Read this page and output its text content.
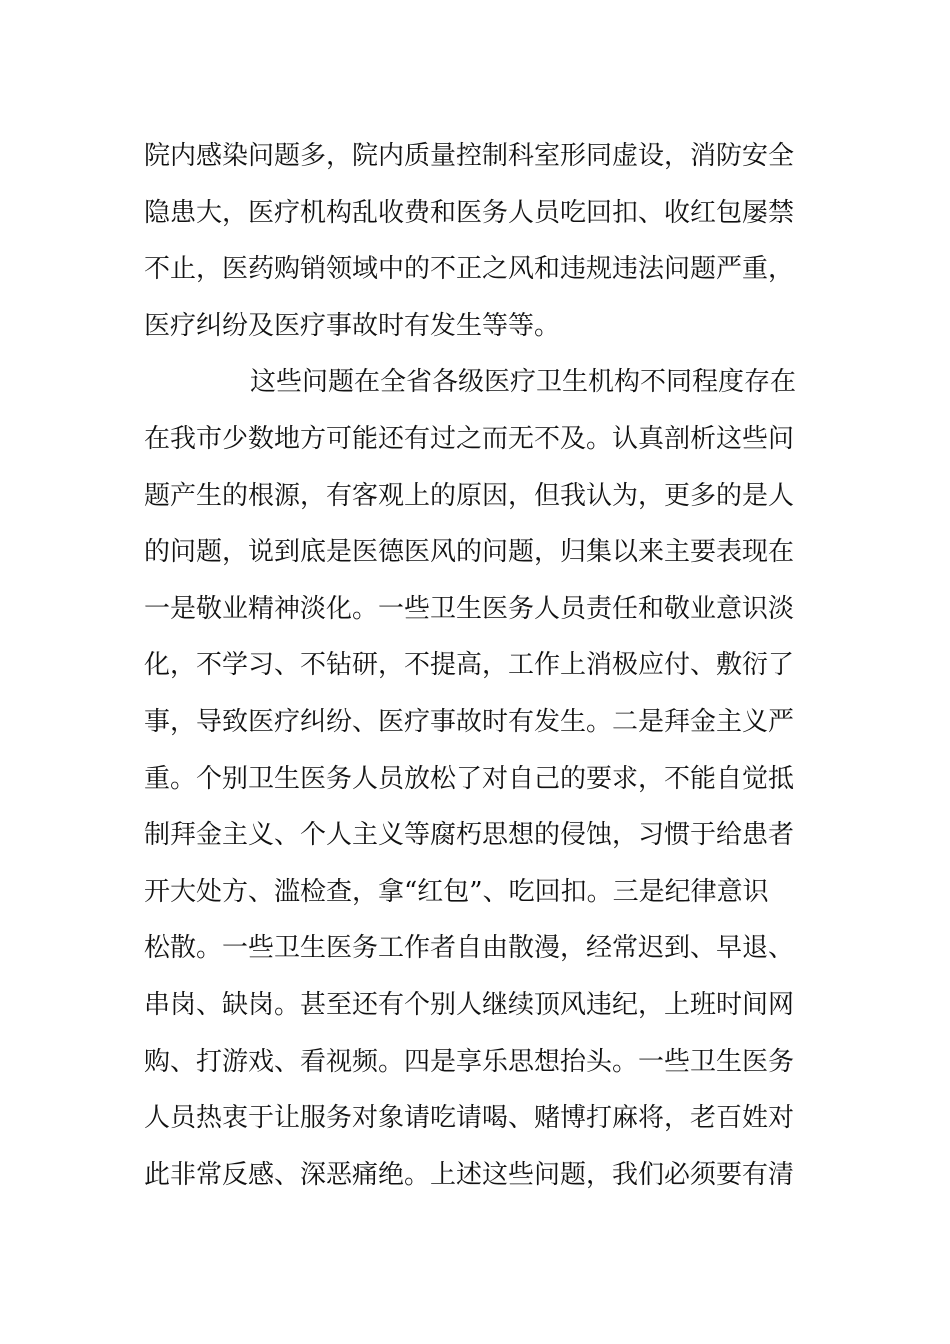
院内感染问题多，院内质量控制科室形同虚设，消防安全

隐患大，医疗机构乱收费和医务人员吃回扣、收红包屡禁

不止，医药购销领域中的不正之风和违规违法问题严重，

医疗纠纷及医疗事故时有发生等等。

这些问题在全省各级医疗卫生机构不同程度存在

在我市少数地方可能还有过之而无不及。认真剖析这些问

题产生的根源，有客观上的原因，但我认为，更多的是人

的问题，说到底是医德医风的问题，归集以来主要表现在

一是敬业精神淡化。一些卫生医务人员责任和敬业意识淡

化，不学习、不钻研，不提高，工作上消极应付、敷衍了

事，导致医疗纠纷、医疗事故时有发生。二是拜金主义严

重。个别卫生医务人员放松了对自己的要求，不能自觉抵

制拜金主义、个人主义等腐朽思想的侵蚀，习惯于给患者

开大处方、滥检查，拿“红包”、吃回扣。三是纪律意识

松散。一些卫生医务工作者自由散漫，经常迟到、早退、

串岗、缺岗。甚至还有个别人继续顶风违纪，上班时间网

购、打游戏、看视频。四是享乐思想抬头。一些卫生医务

人员热衷于让服务对象请吃请喝、赌博打麻将，老百姓对

此非常反感、深恶痛绝。上述这些问题，我们必须要有清
